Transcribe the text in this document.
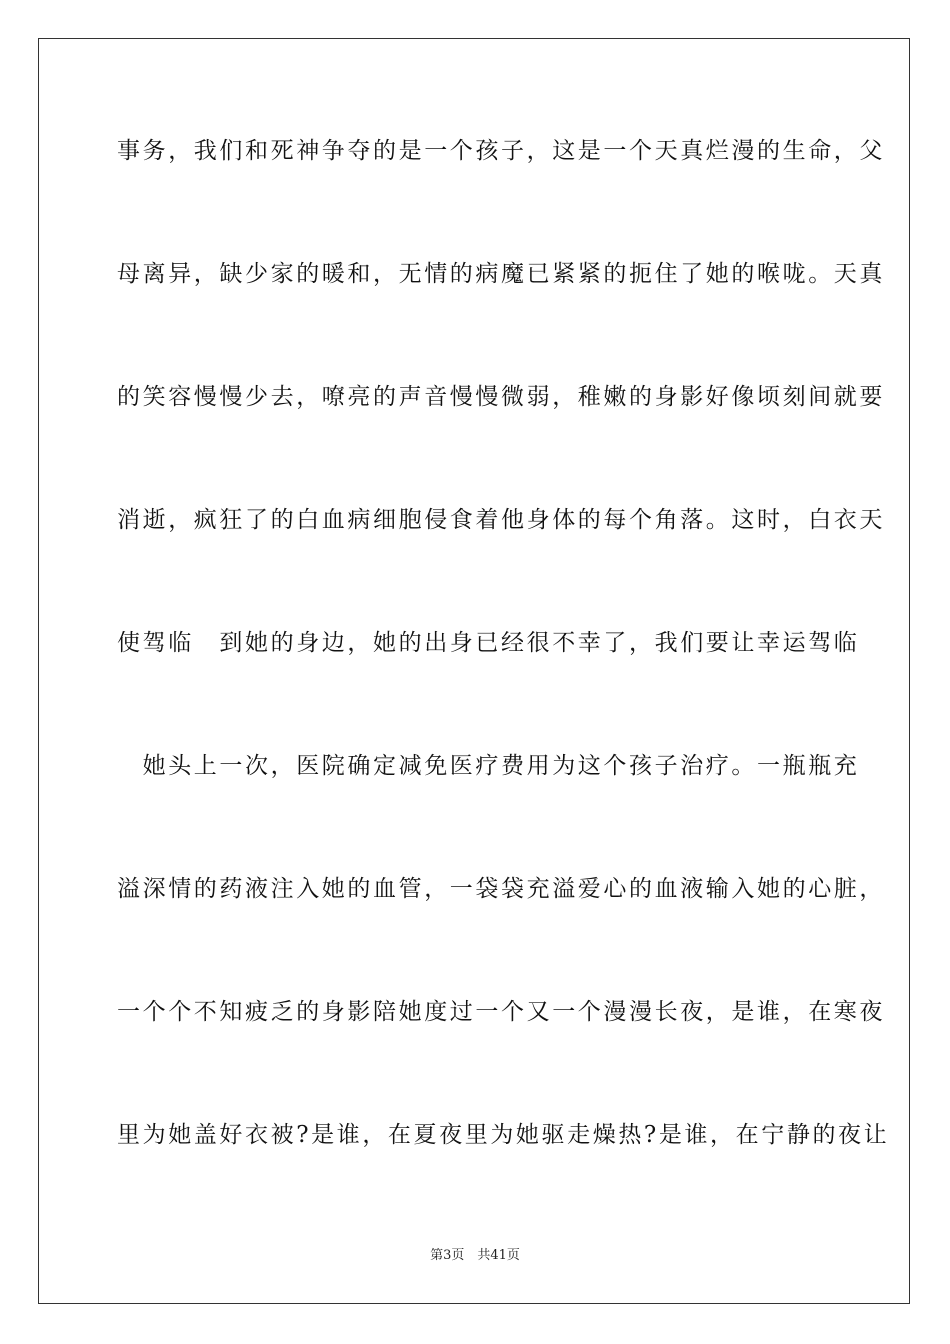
事务，我们和死神争夺的是一个孩子，这是一个天真烂漫的生命，父
母离异，缺少家的暖和，无情的病魔已紧紧的扼住了她的喉咙。天真
的笑容慢慢少去，嘹亮的声音慢慢微弱，稚嫩的身影好像顷刻间就要
消逝，疯狂了的白血病细胞侵食着他身体的每个角落。这时，白衣天
使驾临　到她的身边，她的出身已经很不幸了，我们要让幸运驾临
　她头上一次，医院确定减免医疗费用为这个孩子治疗。一瓶瓶充
溢深情的药液注入她的血管，一袋袋充溢爱心的血液输入她的心脏，
一个个不知疲乏的身影陪她度过一个又一个漫漫长夜，是谁，在寒夜
里为她盖好衣被?是谁，在夏夜里为她驱走燥热?是谁，在宁静的夜让
第3页　共41页
